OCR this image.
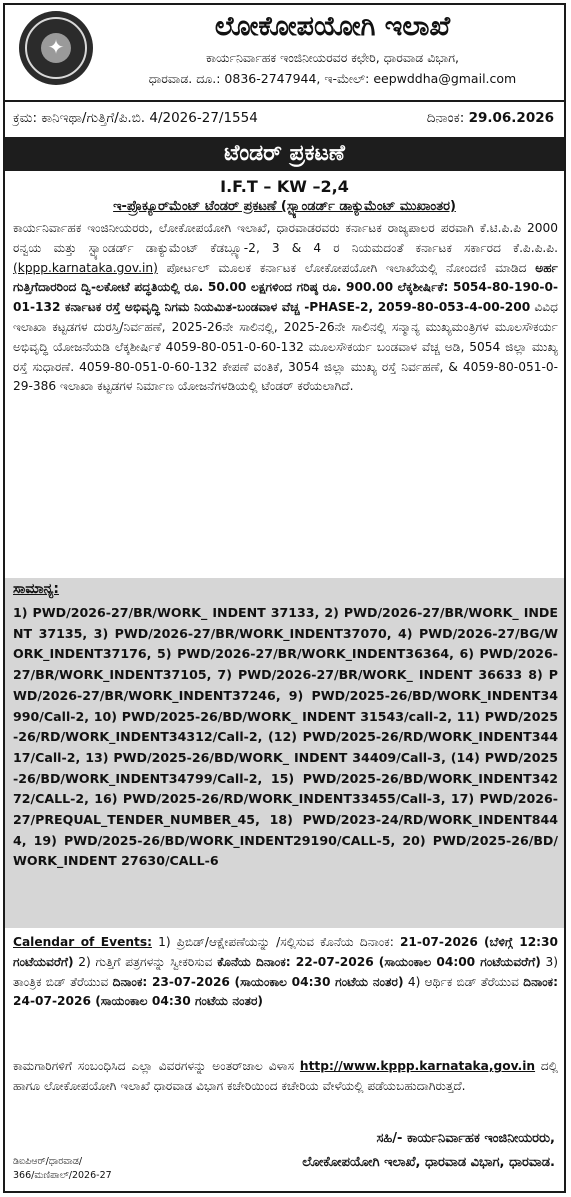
✦
ಲೋಕೋಪಯೋಗಿ ಇಲಾಖೆ
ಕಾರ್ಯನಿರ್ವಾಹಕ ಇಂಜಿನೀಯರವರ ಕಛೇರಿ, ಧಾರವಾಡ ವಿಭಾಗ,
ಧಾರವಾಡ. ದೂ.: 0836-2747944, ಇ-ಮೇಲ್: eepwddha@gmail.com
ಕ್ರಮ: ಕಾನಿಇಥಾ/ಗುತ್ತಿಗೆ/ಪಿ.ಬಿ. 4/2026-27/1554	ದಿನಾಂಕ: 29.06.2026
ಟೆಂಡರ್ ಪ್ರಕಟಣೆ
I.F.T – KW –2,4
ಇ-ಪ್ರೊಕ್ಯೂರ್‌ಮೆಂಟ್ ಟೆಂಡರ್ ಪ್ರಕಟಣೆ (ಸ್ಟ್ಯಾಂಡರ್ಡ್ ಡಾಕ್ಯುಮೆಂಟ್ ಮುಖಾಂತರ)
ಕಾರ್ಯನಿರ್ವಾಹಕ ಇಂಜಿನೀಯರರು, ಲೋಕೋಪಯೋಗಿ ಇಲಾಖೆ, ಧಾರವಾಡರವರು ಕರ್ನಾಟಕ ರಾಜ್ಯಪಾಲರ ಪರವಾಗಿ ಕೆ.ಟಿ.ಪಿ.ಪಿ 2000 ರನ್ವಯ ಮತ್ತು ಸ್ಟ್ಯಾಂಡರ್ಡ್ ಡಾಕ್ಯುಮೆಂಟ್ ಕೆಡಬ್ಲ್ಯೂ-2, 3 & 4 ರ ನಿಯಮದಂತೆ ಕರ್ನಾಟಕ ಸರ್ಕಾರದ ಕೆ.ಪಿ.ಪಿ.ಪಿ. (kppp.karnataka.gov.in) ಪೋರ್ಟಲ್ ಮೂಲಕ ಕರ್ನಾಟಕ ಲೋಕೋಪಯೋಗಿ ಇಲಾಖೆಯಲ್ಲಿ ನೋಂದಣಿ ಮಾಡಿದ ಅರ್ಹ ಗುತ್ತಿಗೆದಾರರಿಂದ ದ್ವಿ-ಲಕೋಟೆ ಪದ್ಧತಿಯಲ್ಲಿ ರೂ. 50.00 ಲಕ್ಷಗಳಿಂದ ಗರಿಷ್ಠ ರೂ. 900.00 ಲೆಕ್ಕಶೀರ್ಷಿಕೆ: 5054-80-190-0-01-132 ಕರ್ನಾಟಕ ರಸ್ತೆ ಅಭಿವೃದ್ಧಿ ನಿಗಮ ನಿಯಮಿತ-ಬಂಡವಾಳ ವೆಚ್ಚ -PHASE-2, 2059-80-053-4-00-200 ವಿವಿಧ ಇಲಾಖಾ ಕಟ್ಟಡಗಳ ದುರಸ್ತಿ/ನಿರ್ವಹಣೆ, 2025-26ನೇ ಸಾಲಿನಲ್ಲಿ, 2025-26ನೇ ಸಾಲಿನಲ್ಲಿ ಸನ್ಮಾನ್ಯ ಮುಖ್ಯಮಂತ್ರಿಗಳ ಮೂಲಸೌಕರ್ಯ ಅಭಿವೃದ್ಧಿ ಯೋಜನೆಯಡಿ ಲೆಕ್ಕಶೀರ್ಷಿಕೆ 4059-80-051-0-60-132 ಮೂಲಸೌಕರ್ಯ ಬಂಡವಾಳ ವೆಚ್ಚ ಅಡಿ, 5054 ಜಿಲ್ಲಾ ಮುಖ್ಯ ರಸ್ತೆ ಸುಧಾರಣೆ. 4059-80-051-0-60-132 ಕೇಪಣೆ ವಂತಿಕೆ, 3054 ಜಿಲ್ಲಾ ಮುಖ್ಯ ರಸ್ತೆ ನಿರ್ವಹಣೆ, & 4059-80-051-0-29-386 ಇಲಾಖಾ ಕಟ್ಟಡಗಳ ನಿರ್ಮಾಣ ಯೋಜನೆಗಳಡಿಯಲ್ಲಿ ಟೆಂಡರ್ ಕರೆಯಲಾಗಿದೆ.
ಸಾಮಾನ್ಯ:
1) PWD/2026-27/BR/WORK_ INDENT 37133, 2) PWD/2026-27/BR/WORK_ INDENT 37135, 3) PWD/2026-27/BR/WORK_INDENT37070, 4) PWD/2026-27/BG/WORK_INDENT37176, 5) PWD/2026-27/BR/WORK_INDENT36364, 6) PWD/2026-27/BR/WORK_INDENT37105, 7) PWD/2026-27/BR/WORK_ INDENT 36633 8) PWD/2026-27/BR/WORK_INDENT37246, 9) PWD/2025-26/BD/WORK_INDENT34990/Call-2, 10) PWD/2025-26/BD/WORK_ INDENT 31543/call-2, 11) PWD/2025-26/RD/WORK_INDENT34312/Call-2, (12) PWD/2025-26/RD/WORK_INDENT34417/Call-2, 13) PWD/2025-26/BD/WORK_ INDENT 34409/Call-3, (14) PWD/2025-26/BD/WORK_INDENT34799/Call-2, 15) PWD/2025-26/BD/WORK_INDENT34272/CALL-2, 16) PWD/2025-26/RD/WORK_INDENT33455/Call-3, 17) PWD/2026-27/PREQUAL_TENDER_NUMBER_45, 18) PWD/2023-24/RD/WORK_INDENT8444, 19) PWD/2025-26/BD/WORK_INDENT29190/CALL-5, 20) PWD/2025-26/BD/WORK_INDENT 27630/CALL-6
Calendar of Events: 1) ಪ್ರಿಬಿಡ್/ಆಕ್ಷೇಪಣೆಯನ್ನು /ಸಲ್ಲಿಸುವ ಕೊನೆಯ ದಿನಾಂಕ: 21-07-2026 (ಬೆಳಿಗ್ಗೆ 12:30 ಗಂಟೆಯವರೆಗೆ) 2) ಗುತ್ತಿಗೆ ಪತ್ರಗಳನ್ನು ಸ್ವೀಕರಿಸುವ ಕೊನೆಯ ದಿನಾಂಕ: 22-07-2026 (ಸಾಯಂಕಾಲ 04:00 ಗಂಟೆಯವರೆಗೆ) 3) ತಾಂತ್ರಿಕ ಬಿಡ್ ತೆರೆಯುವ ದಿನಾಂಕ: 23-07-2026 (ಸಾಯಂಕಾಲ 04:30 ಗಂಟೆಯ ನಂತರ) 4) ಆರ್ಥಿಕ ಬಿಡ್ ತೆರೆಯುವ ದಿನಾಂಕ: 24-07-2026 (ಸಾಯಂಕಾಲ 04:30 ಗಂಟೆಯ ನಂತರ)
ಕಾಮಗಾರಿಗಳಿಗೆ ಸಂಬಂಧಿಸಿದ ಎಲ್ಲಾ ವಿವರಗಳನ್ನು ಅಂತರ್‌ಜಾಲ ವಿಳಾಸ http://www.kppp.karnataka,gov.in ದಲ್ಲಿ ಹಾಗೂ ಲೋಕೋಪಯೋಗಿ ಇಲಾಖೆ ಧಾರವಾಡ ವಿಭಾಗ ಕಚೇರಿಯಿಂದ ಕಚೇರಿಯ ವೇಳೆಯಲ್ಲಿ ಪಡೆಯಬಹುದಾಗಿರುತ್ತದೆ.
ಸಹಿ/- ಕಾರ್ಯನಿರ್ವಾಹಕ ಇಂಜಿನೀಯರರು,
ಲೋಕೋಪಯೋಗಿ ಇಲಾಖೆ, ಧಾರವಾಡ ವಿಭಾಗ, ಧಾರವಾಡ.
ಡಿಐಪಿಆರ್/ಧಾರವಾಡ/
366/ಮಣಿಪಾಲ್/2026-27
